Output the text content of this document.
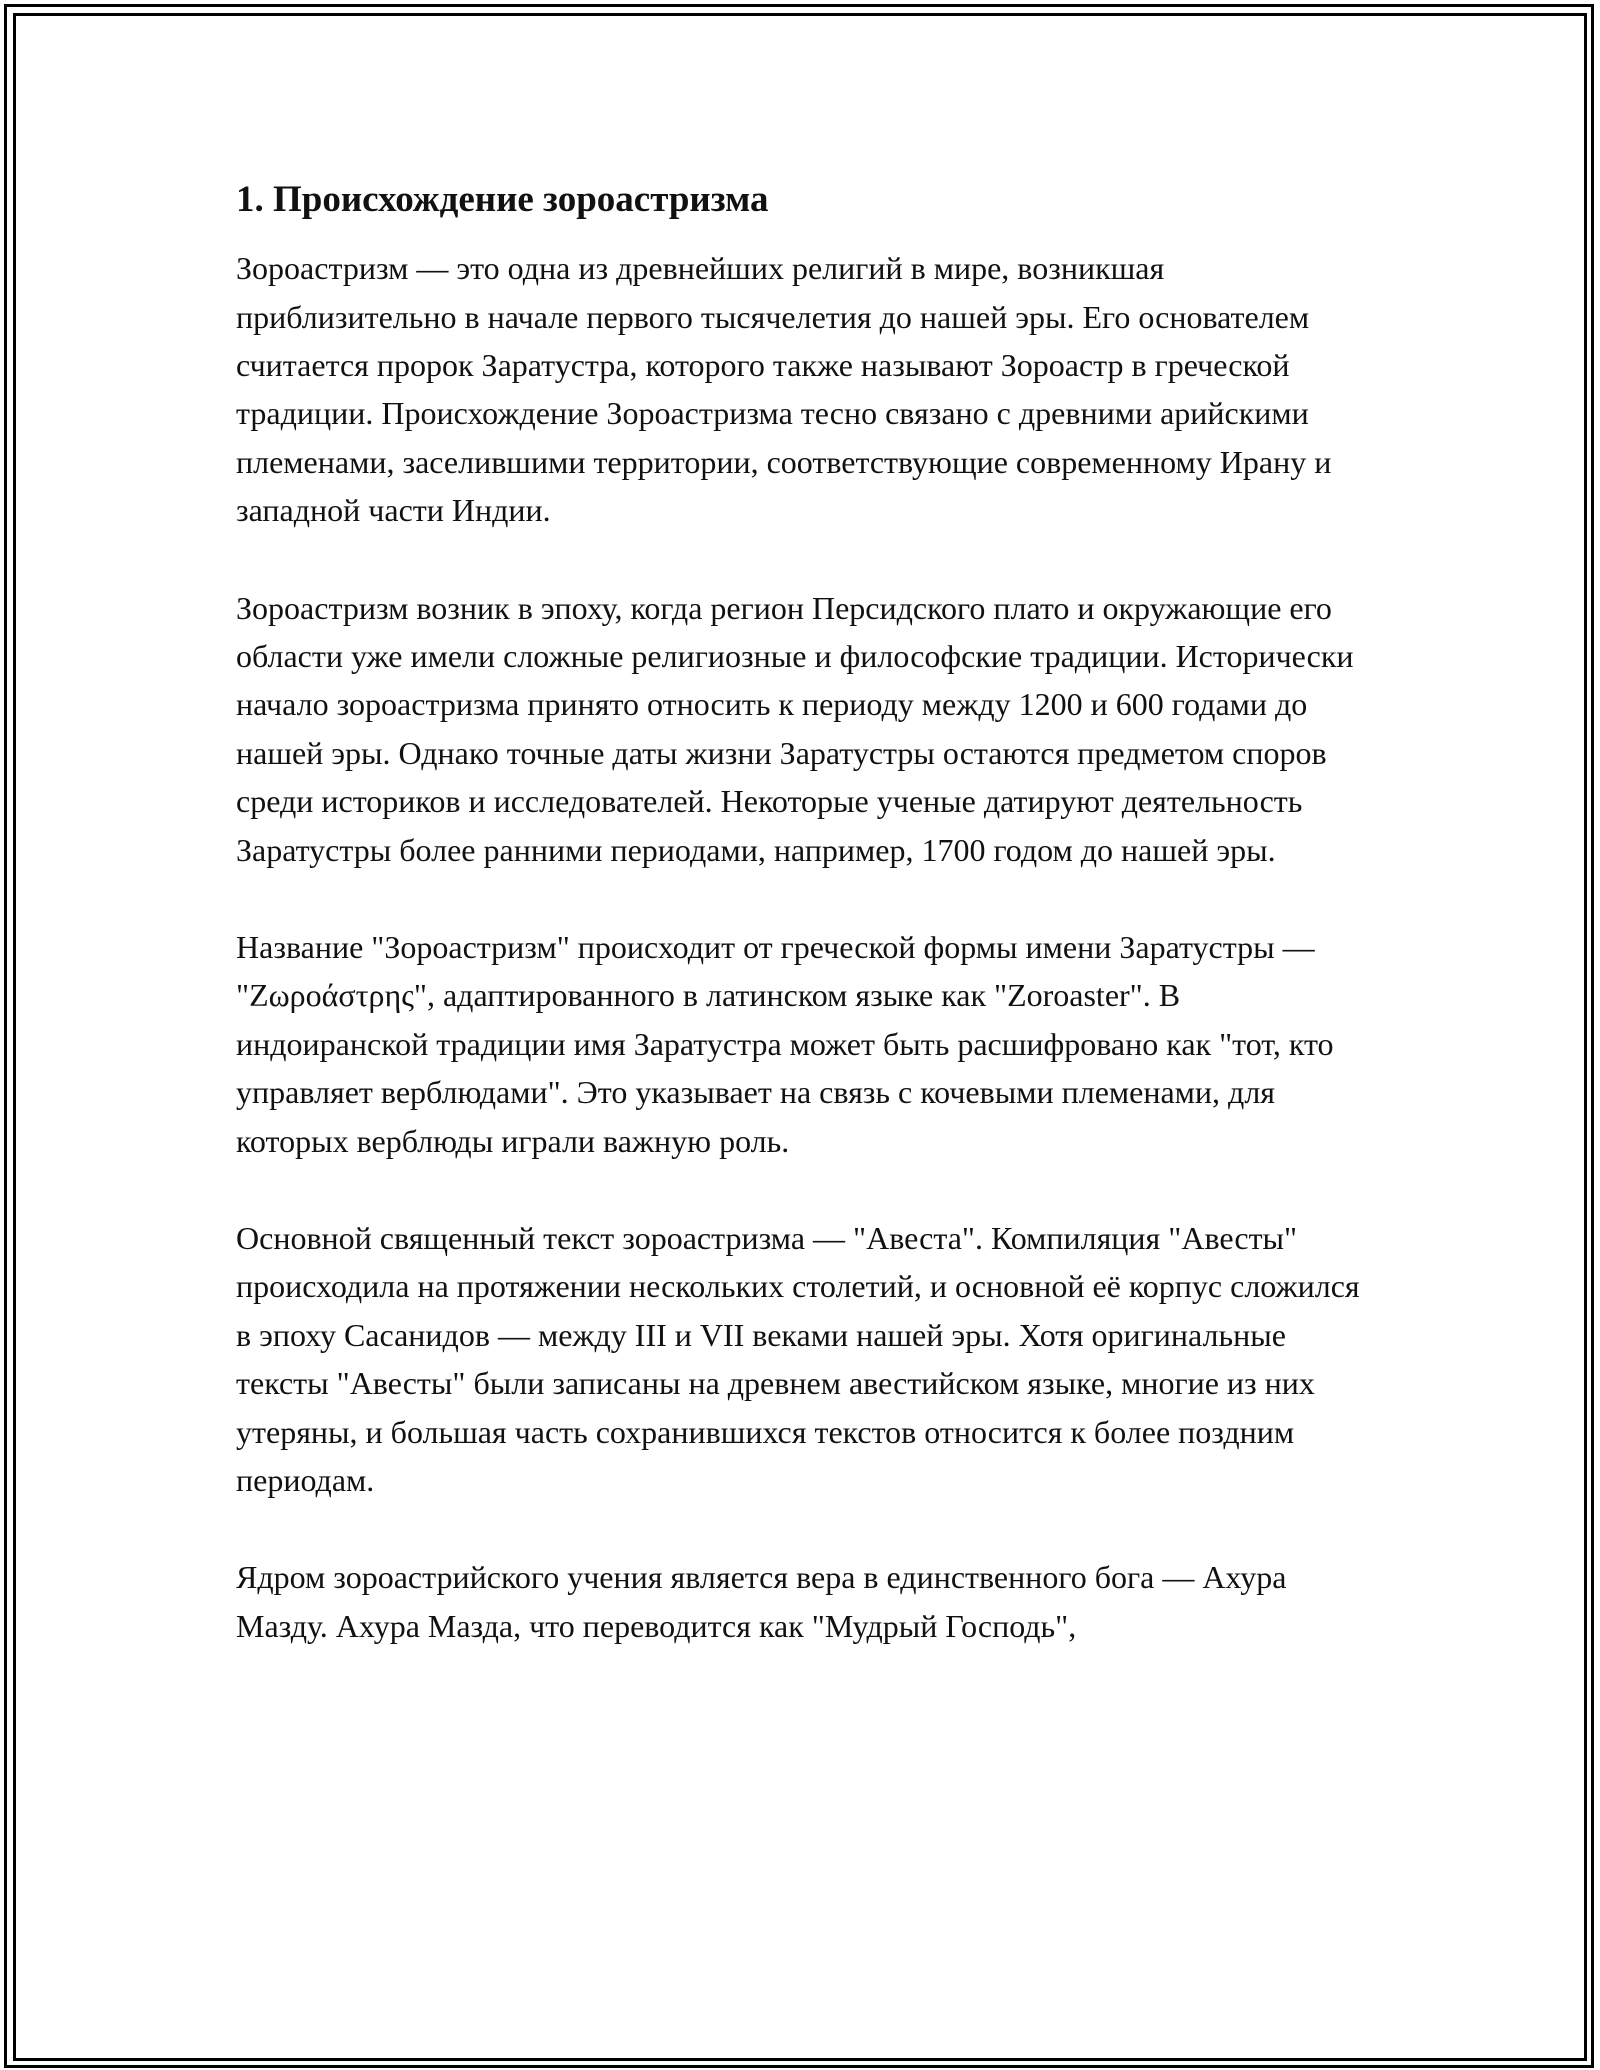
1. Происхождение зороастризма

Зороастризм — это одна из древнейших религий в мире, возникшая приблизительно в начале первого тысячелетия до нашей эры. Его основателем считается пророк Заратустра, которого также называют Зороастр в греческой традиции. Происхождение Зороастризма тесно связано с древними арийскими племенами, заселившими территории, соответствующие современному Ирану и западной части Индии.

Зороастризм возник в эпоху, когда регион Персидского плато и окружающие его области уже имели сложные религиозные и философские традиции. Исторически начало зороастризма принято относить к периоду между 1200 и 600 годами до нашей эры. Однако точные даты жизни Заратустры остаются предметом споров среди историков и исследователей. Некоторые ученые датируют деятельность Заратустры более ранними периодами, например, 1700 годом до нашей эры.

Название "Зороастризм" происходит от греческой формы имени Заратустры — "Ζωροάστρης", адаптированного в латинском языке как "Zoroaster". В индоиранской традиции имя Заратустра может быть расшифровано как "тот, кто управляет верблюдами". Это указывает на связь с кочевыми племенами, для которых верблюды играли важную роль.

Основной священный текст зороастризма — "Авеста". Компиляция "Авесты" происходила на протяжении нескольких столетий, и основной её корпус сложился в эпоху Сасанидов — между III и VII веками нашей эры. Хотя оригинальные тексты "Авесты" были записаны на древнем авестийском языке, многие из них утеряны, и большая часть сохранившихся текстов относится к более поздним периодам.

Ядром зороастрийского учения является вера в единственного бога — Ахура Мазду. Ахура Мазда, что переводится как "Мудрый Господь",
